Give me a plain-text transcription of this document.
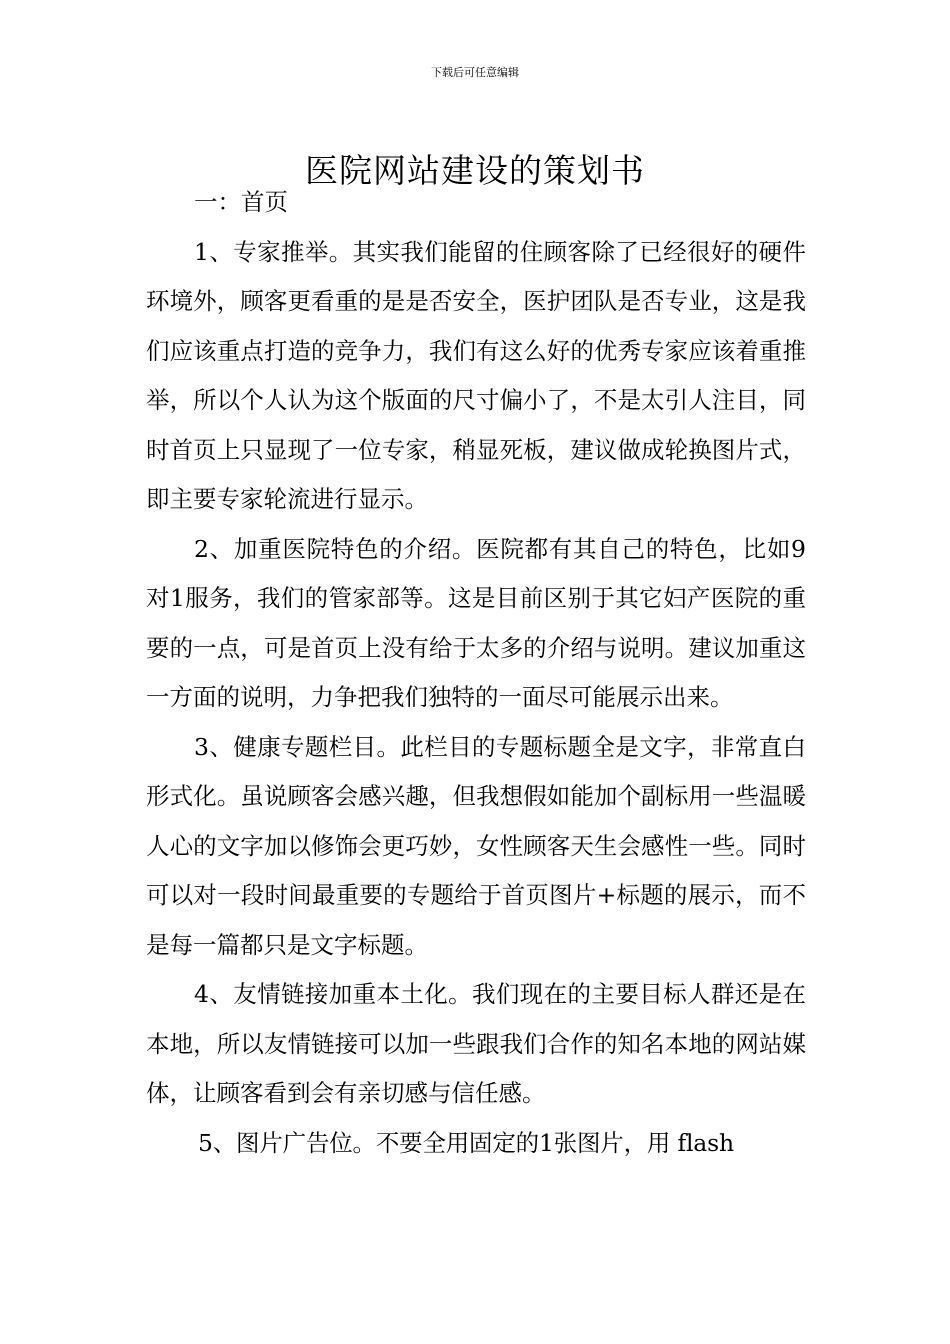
下载后可任意编辑
医院网站建设的策划书

一：首页

1、专家推举。其实我们能留的住顾客除了已经很好的硬件环境外，顾客更看重的是是否安全，医护团队是否专业，这是我们应该重点打造的竞争力，我们有这么好的优秀专家应该着重推举，所以个人认为这个版面的尺寸偏小了，不是太引人注目，同时首页上只显现了一位专家，稍显死板，建议做成轮换图片式，即主要专家轮流进行显示。

2、加重医院特色的介绍。医院都有其自己的特色，比如9对1服务，我们的管家部等。这是目前区别于其它妇产医院的重要的一点，可是首页上没有给于太多的介绍与说明。建议加重这一方面的说明，力争把我们独特的一面尽可能展示出来。

3、健康专题栏目。此栏目的专题标题全是文字，非常直白形式化。虽说顾客会感兴趣，但我想假如能加个副标用一些温暖人心的文字加以修饰会更巧妙，女性顾客天生会感性一些。同时可以对一段时间最重要的专题给于首页图片+标题的展示，而不是每一篇都只是文字标题。

4、友情链接加重本土化。我们现在的主要目标人群还是在本地，所以友情链接可以加一些跟我们合作的知名本地的网站媒体，让顾客看到会有亲切感与信任感。

5、图片广告位。不要全用固定的1张图片，用 flash
